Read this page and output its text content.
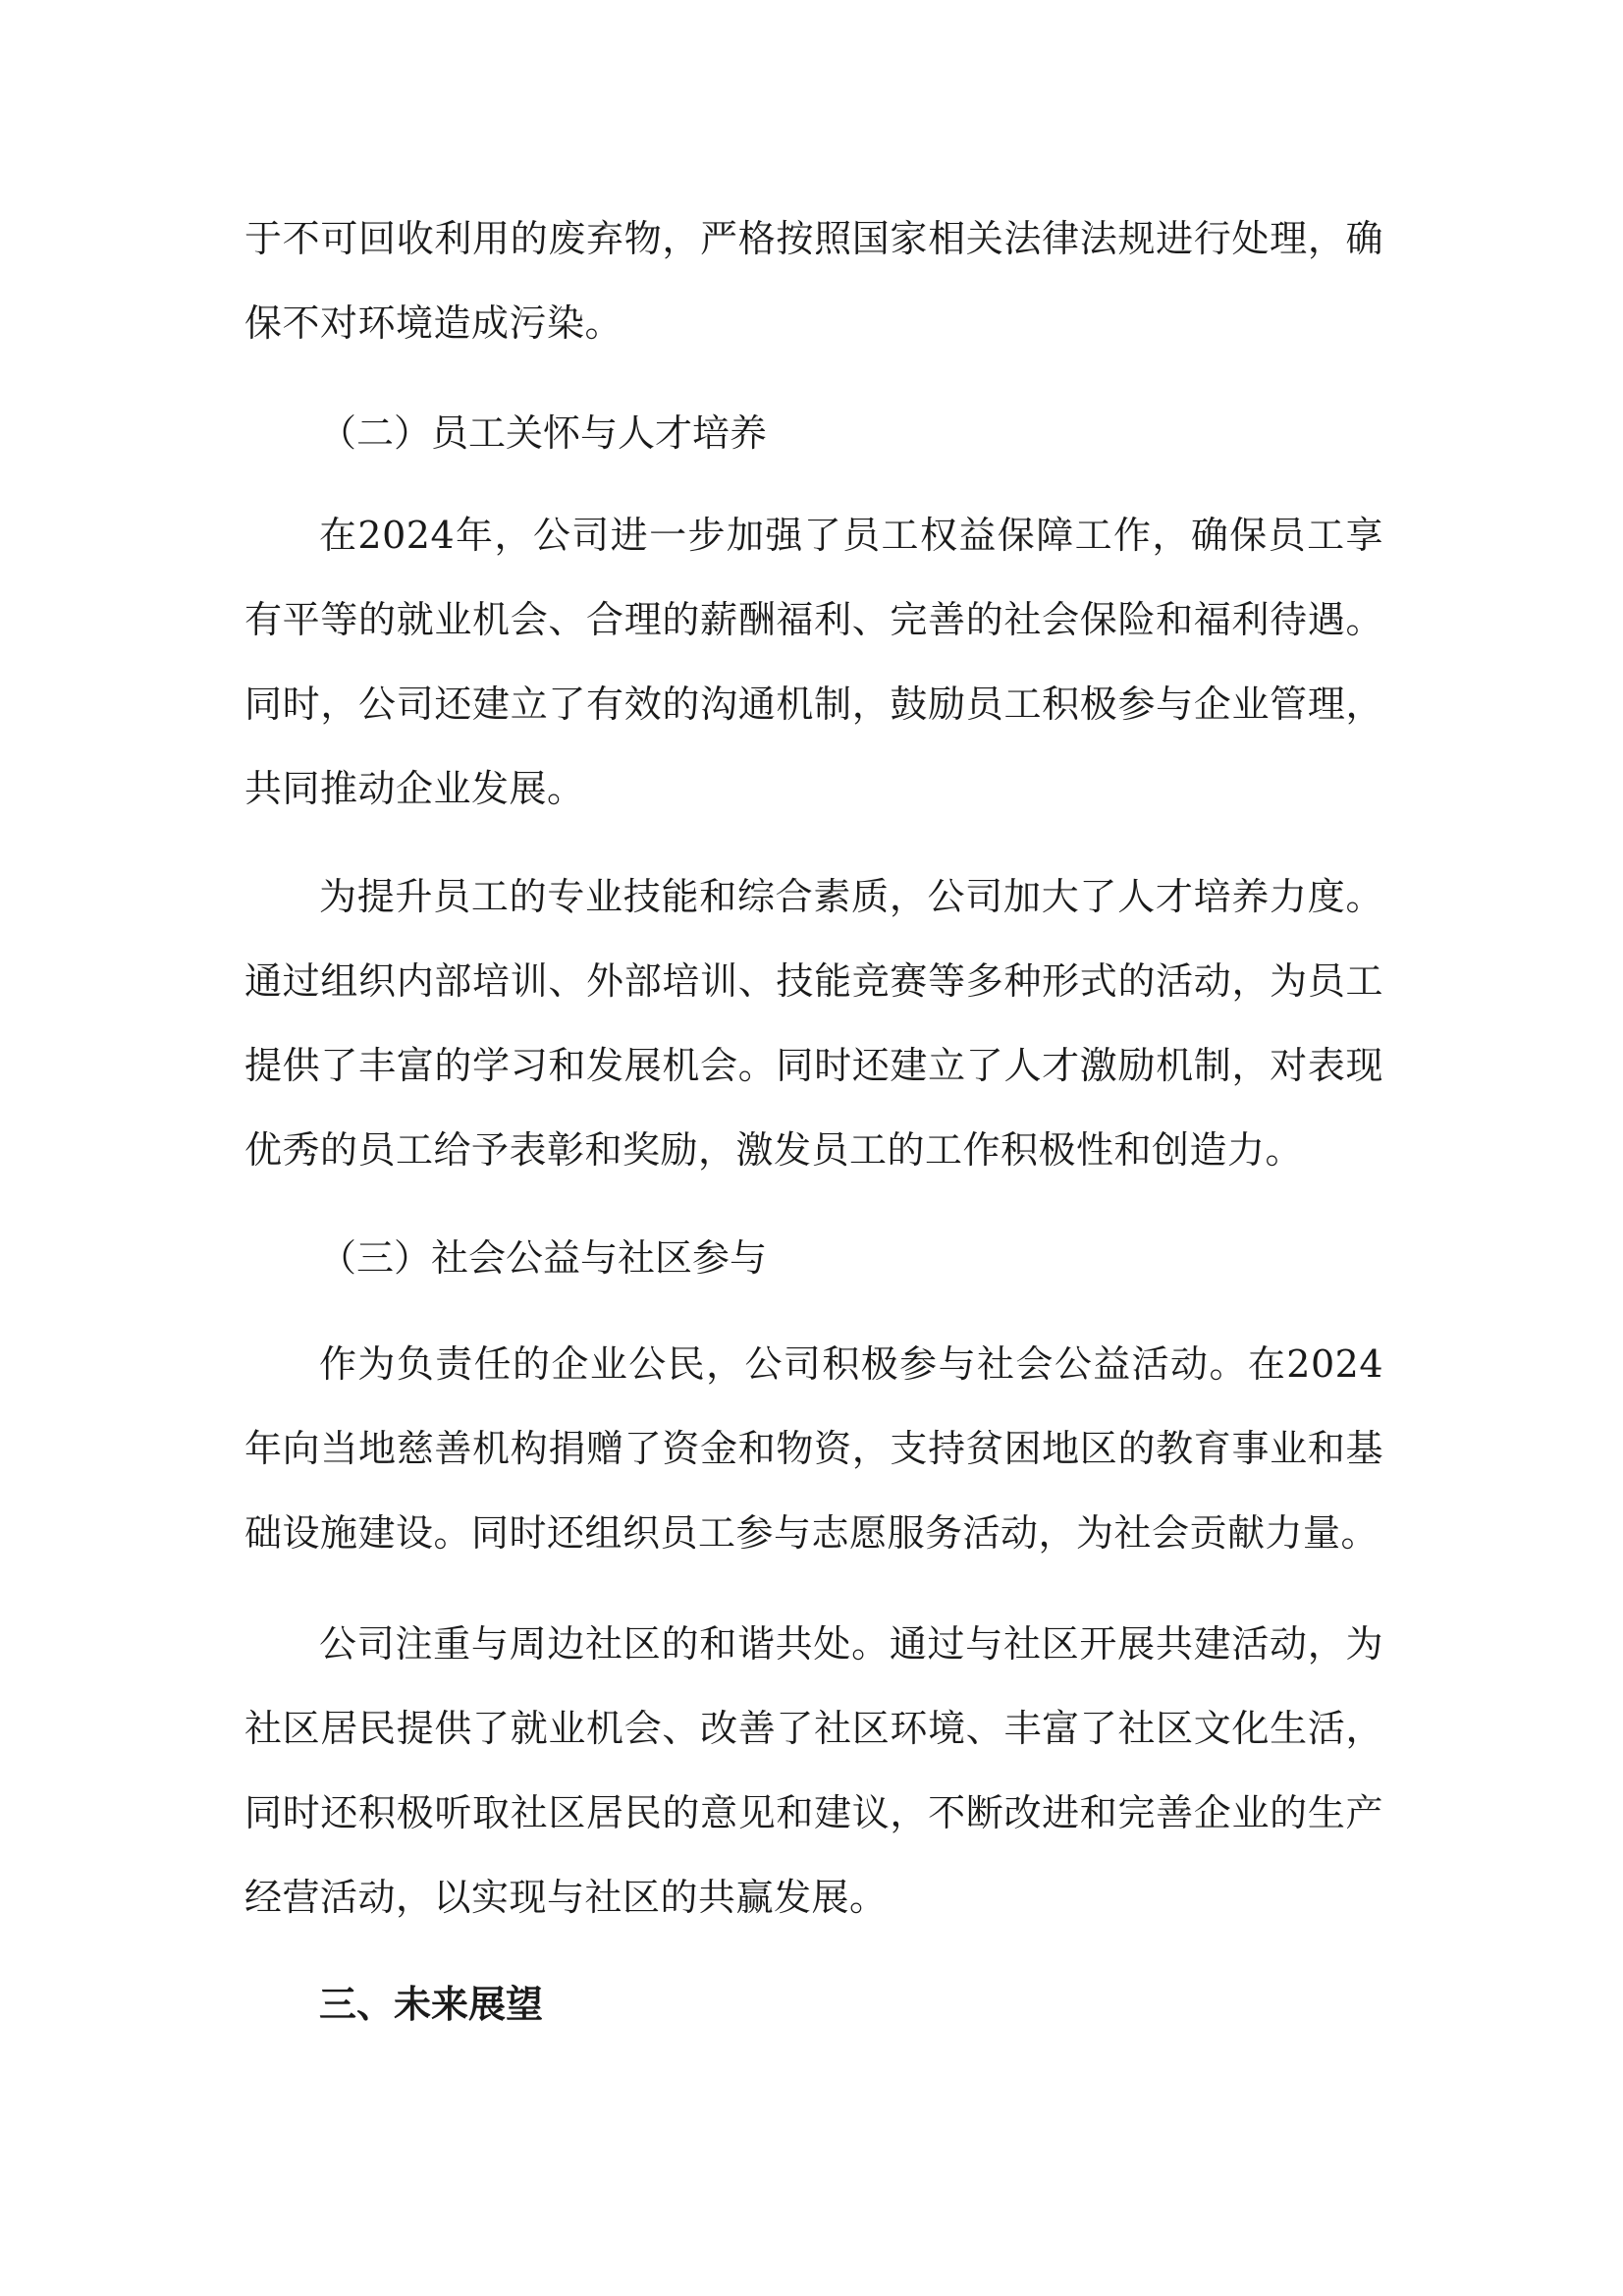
于不可回收利用的废弃物，严格按照国家相关法律法规进行处理，确保不对环境造成污染。

（二）员工关怀与人才培养

在2024年，公司进一步加强了员工权益保障工作，确保员工享有平等的就业机会、合理的薪酬福利、完善的社会保险和福利待遇。同时，公司还建立了有效的沟通机制，鼓励员工积极参与企业管理，共同推动企业发展。

为提升员工的专业技能和综合素质，公司加大了人才培养力度。通过组织内部培训、外部培训、技能竞赛等多种形式的活动，为员工提供了丰富的学习和发展机会。同时还建立了人才激励机制，对表现优秀的员工给予表彰和奖励，激发员工的工作积极性和创造力。

（三）社会公益与社区参与

作为负责任的企业公民，公司积极参与社会公益活动。在2024年向当地慈善机构捐赠了资金和物资，支持贫困地区的教育事业和基础设施建设。同时还组织员工参与志愿服务活动，为社会贡献力量。

公司注重与周边社区的和谐共处。通过与社区开展共建活动，为社区居民提供了就业机会、改善了社区环境、丰富了社区文化生活，同时还积极听取社区居民的意见和建议，不断改进和完善企业的生产经营活动，以实现与社区的共赢发展。

三、未来展望
